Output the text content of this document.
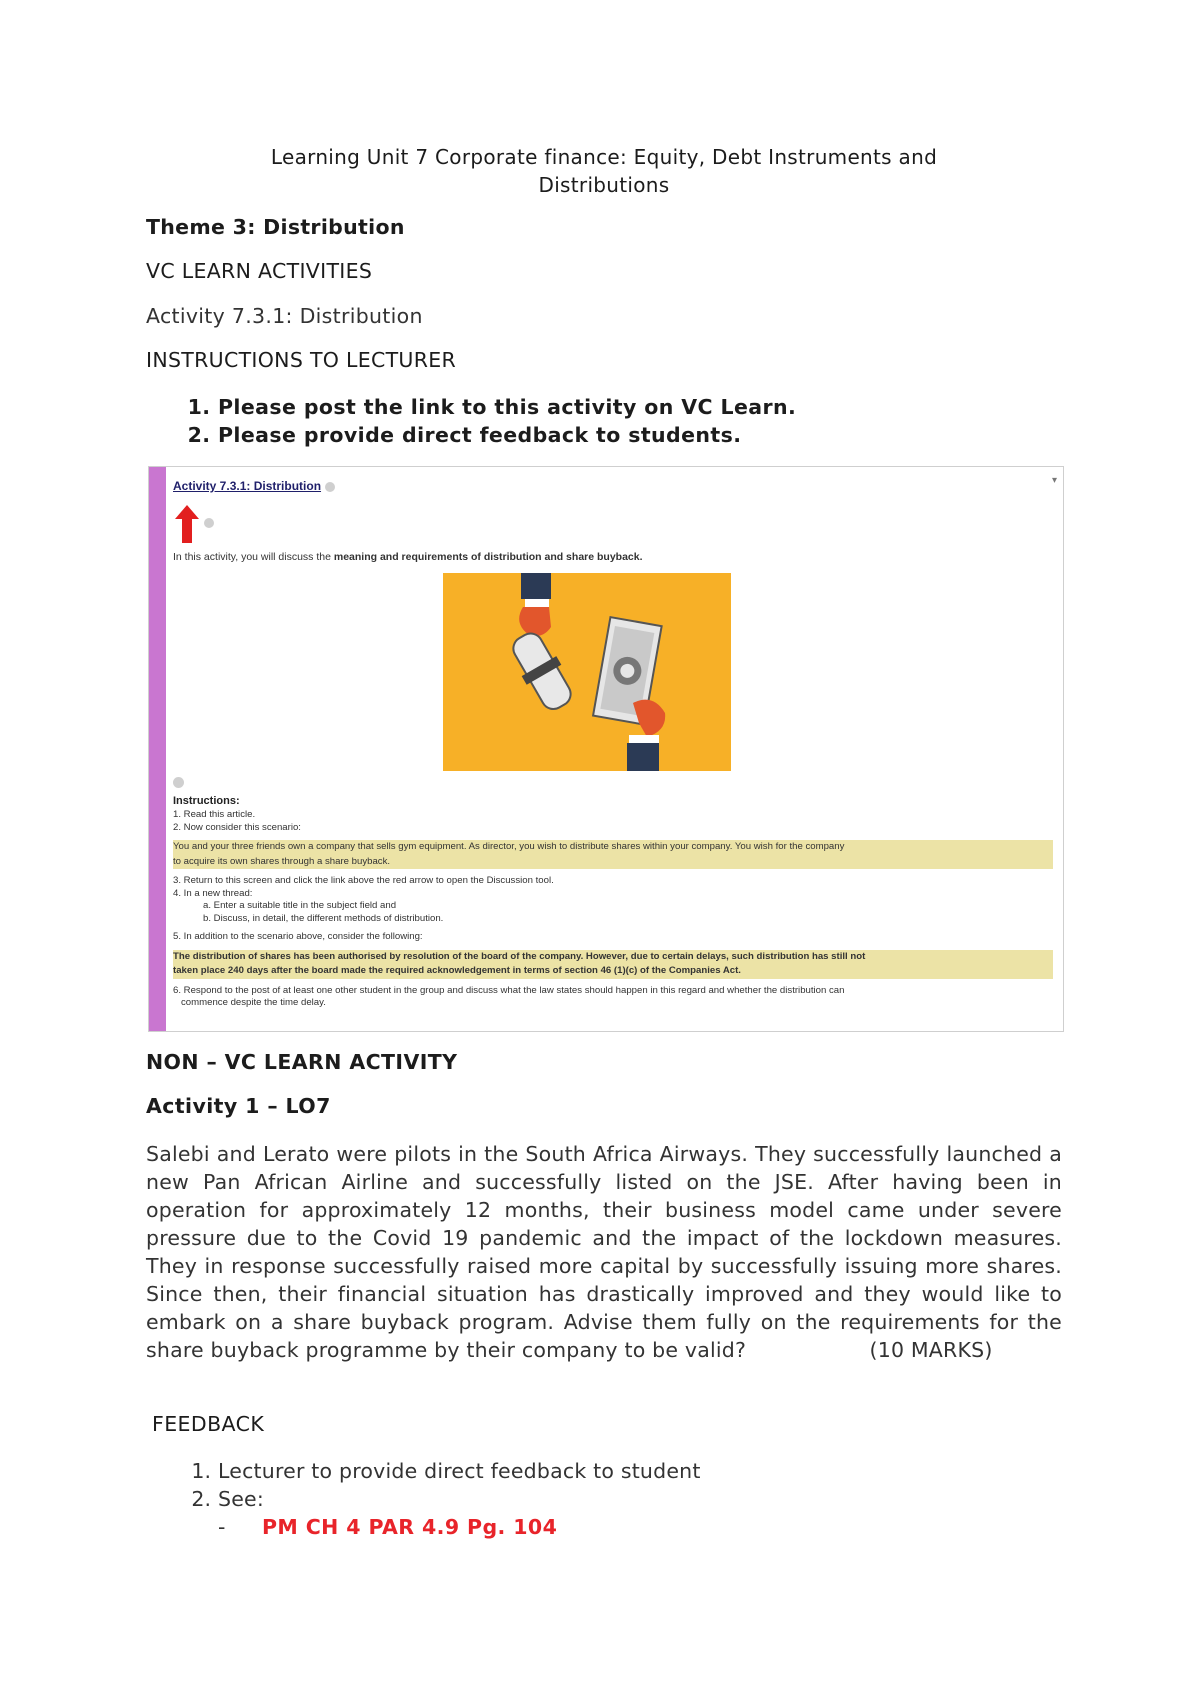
Learning Unit 7 Corporate finance: Equity, Debt Instruments and
Distributions
Theme 3: Distribution
VC LEARN ACTIVITIES
Activity 7.3.1: Distribution
INSTRUCTIONS TO LECTURER
1. Please post the link to this activity on VC Learn.
2. Please provide direct feedback to students.
NON – VC LEARN ACTIVITY
Activity 1 – LO7
Salebi and Lerato were pilots in the South Africa Airways. They successfully launched a new Pan African Airline and successfully listed on the JSE. After having been in operation for approximately 12 months, their business model came under severe pressure due to the Covid 19 pandemic and the impact of the lockdown measures. They in response successfully raised more capital by successfully issuing more shares. Since then, their financial situation has drastically improved and they would like to embark on a share buyback program. Advise them fully on the requirements for the share buyback programme by their company to be valid?	(10 MARKS)
FEEDBACK
1. Lecturer to provide direct feedback to student
2. See:
- PM CH 4 PAR 4.9 Pg. 104
▾
Activity 7.3.1: Distribution
In this activity, you will discuss the meaning and requirements of distribution and share buyback.
Instructions:
1. Read this article.
2. Now consider this scenario:
You and your three friends own a company that sells gym equipment. As director, you wish to distribute shares within your company. You wish for the company
to acquire its own shares through a share buyback.
3. Return to this screen and click the link above the red arrow to open the Discussion tool.
4. In a new thread:
a. Enter a suitable title in the subject field and
b. Discuss, in detail, the different methods of distribution.
5. In addition to the scenario above, consider the following:
The distribution of shares has been authorised by resolution of the board of the company. However, due to certain delays, such distribution has still not
taken place 240 days after the board made the required acknowledgement in terms of section 46 (1)(c) of the Companies Act.
6. Respond to the post of at least one other student in the group and discuss what the law states should happen in this regard and whether the distribution can
commence despite the time delay.
